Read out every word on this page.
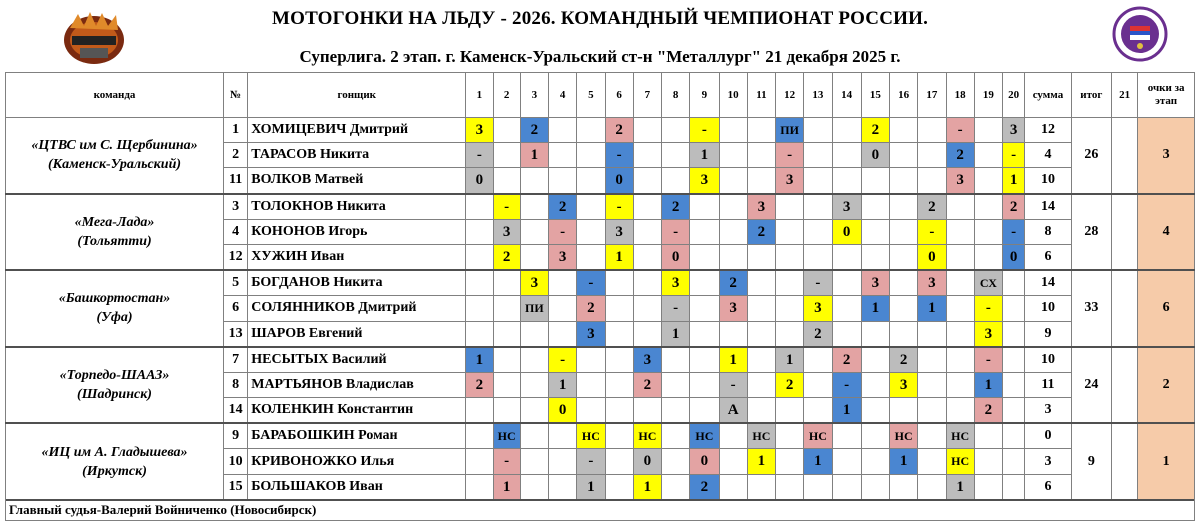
МОТОГОНКИ НА ЛЬДУ - 2026. КОМАНДНЫЙ ЧЕМПИОНАТ РОССИИ.
Суперлига. 2 этап. г. Каменск-Уральский ст-н "Металлург" 21 декабря 2025 г.
команда	№	гонщик	1	2	3	4	5	6	7	8	9	10	11	12	13	14	15	16	17	18	19	20	сумма	итог	21	очки за этап

«ЦТВС им С. Щербинина»
(Каменск-Уральский)	1	ХОМИЦЕВИЧ Дмитрий	3		2			2			-			ПИ			2			-		3	12	26		3
	2	ТАРАСОВ Никита	-		1			-			1			-			0			2		-	4			
	11	ВОЛКОВ Матвей	0					0			3			3						3		1	10			

«Мега-Лада»
(Тольятти)	3	ТОЛОКНОВ Никита		-		2		-		2			3			3			2			2	14	28		4
	4	КОНОНОВ Игорь		3		-		3		-			2			0			-			-	8			
	12	ХУЖИН Иван		2		3		1		0									0			0	6			

«Башкортостан»
(Уфа)	5	БОГДАНОВ Никита			3		-			3		2			-		3		3		СХ		14	33		6
	6	СОЛЯННИКОВ Дмитрий			ПИ		2			-		3			3		1		1		-		10			
	13	ШАРОВ Евгений					3			1					2						3		9			

«Торпедо-ШААЗ»
(Шадринск)	7	НЕСЫТЫХ Василий	1			-			3			1		1		2		2			-		10	24		2
	8	МАРТЬЯНОВ Владислав	2			1			2			-		2		-		3			1		11			
	14	КОЛЕНКИН Константин				0						А				1					2		3			

«ИЦ им А. Гладышева»
(Иркутск)	9	БАРАБОШКИН Роман		НС			НС		НС		НС		НС		НС			НС		НС			0	9		1
	10	КРИВОНОЖКО Илья		-			-		0		0		1		1			1		НС			3			
	15	БОЛЬШАКОВ Иван		1			1		1		2									1			6			
Главный судья-Валерий Войниченко (Новосибирск)
